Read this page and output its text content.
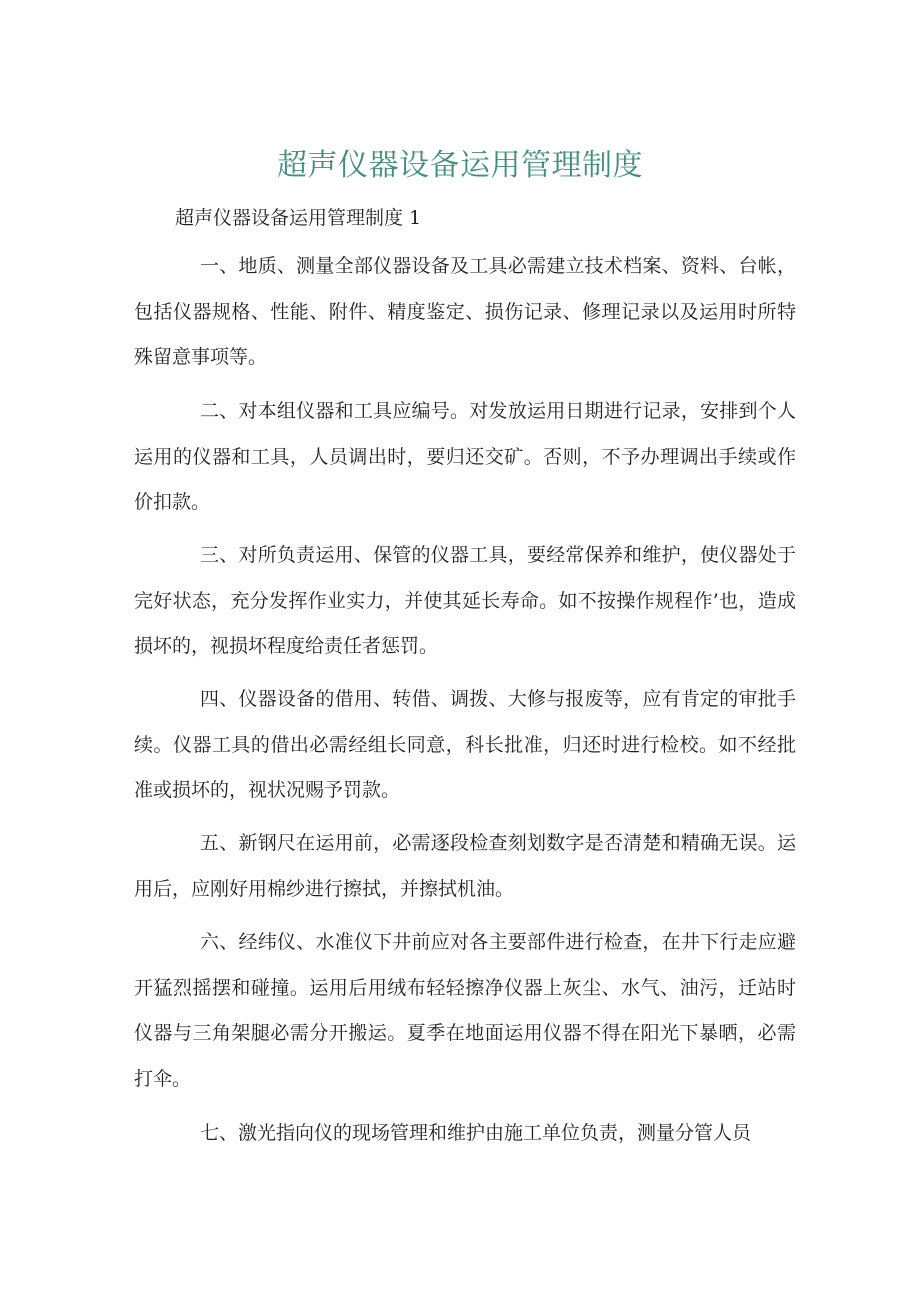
超声仪器设备运用管理制度
超声仪器设备运用管理制度 1

一、地质、测量全部仪器设备及工具必需建立技术档案、资料、台帐，包括仪器规格、性能、附件、精度鉴定、损伤记录、修理记录以及运用时所特殊留意事项等。

二、对本组仪器和工具应编号。对发放运用日期进行记录，安排到个人运用的仪器和工具，人员调出时，要归还交矿。否则，不予办理调出手续或作价扣款。

三、对所负责运用、保管的仪器工具，要经常保养和维护，使仪器处于完好状态，充分发挥作业实力，并使其延长寿命。如不按操作规程作’也，造成损坏的，视损坏程度给责任者惩罚。

四、仪器设备的借用、转借、调拨、大修与报废等，应有肯定的审批手续。仪器工具的借出必需经组长同意，科长批准，归还时进行检校。如不经批准或损坏的，视状况赐予罚款。

五、新钢尺在运用前，必需逐段检查刻划数字是否清楚和精确无误。运用后，应刚好用棉纱进行擦拭，并擦拭机油。

六、经纬仪、水准仪下井前应对各主要部件进行检查，在井下行走应避开猛烈摇摆和碰撞。运用后用绒布轻轻擦净仪器上灰尘、水气、油污，迁站时仪器与三角架腿必需分开搬运。夏季在地面运用仪器不得在阳光下暴晒，必需打伞。

七、激光指向仪的现场管理和维护由施工单位负责，测量分管人员
